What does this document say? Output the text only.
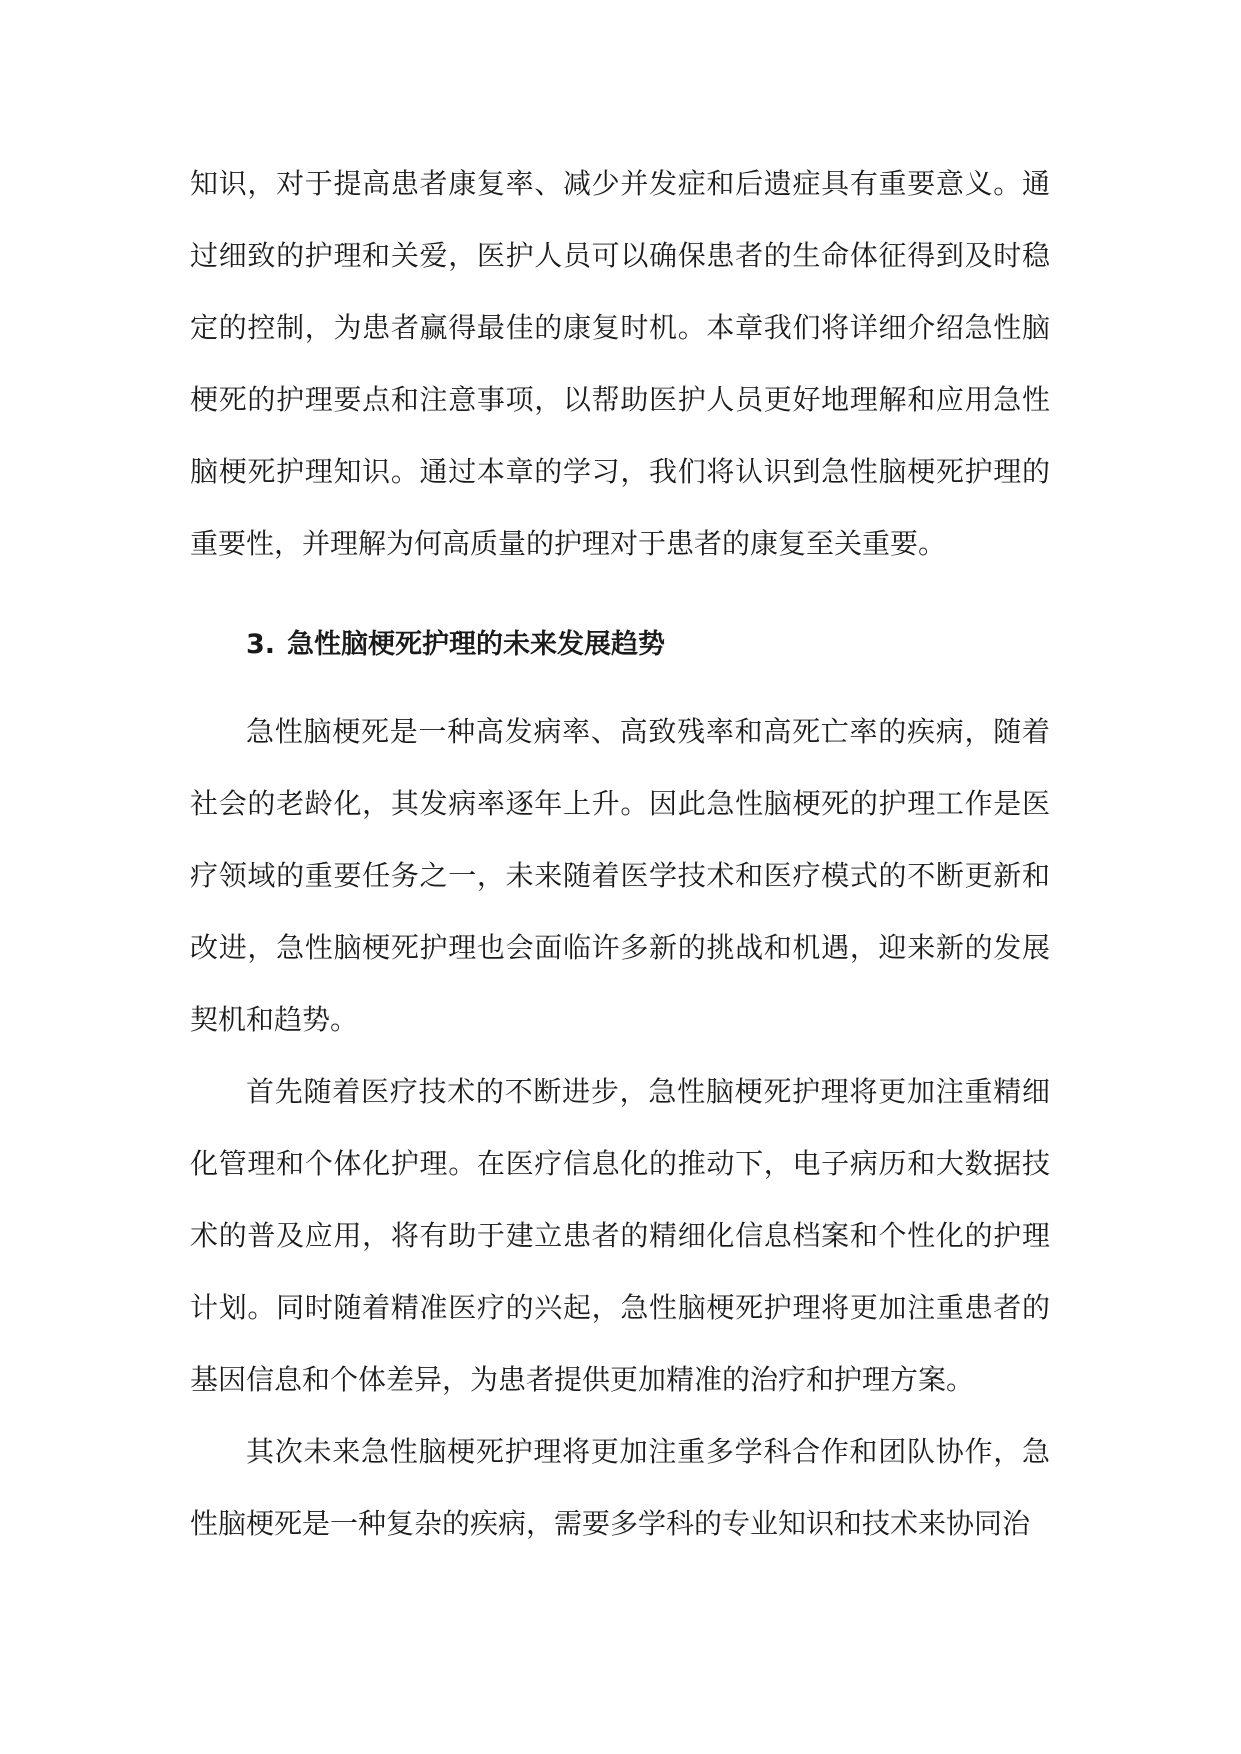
知识，对于提高患者康复率、减少并发症和后遗症具有重要意义。通过细致的护理和关爱，医护人员可以确保患者的生命体征得到及时稳定的控制，为患者赢得最佳的康复时机。本章我们将详细介绍急性脑梗死的护理要点和注意事项，以帮助医护人员更好地理解和应用急性脑梗死护理知识。通过本章的学习，我们将认识到急性脑梗死护理的重要性，并理解为何高质量的护理对于患者的康复至关重要。

3. 急性脑梗死护理的未来发展趋势

急性脑梗死是一种高发病率、高致残率和高死亡率的疾病，随着社会的老龄化，其发病率逐年上升。因此急性脑梗死的护理工作是医疗领域的重要任务之一，未来随着医学技术和医疗模式的不断更新和改进，急性脑梗死护理也会面临许多新的挑战和机遇，迎来新的发展契机和趋势。

首先随着医疗技术的不断进步，急性脑梗死护理将更加注重精细化管理和个体化护理。在医疗信息化的推动下，电子病历和大数据技术的普及应用，将有助于建立患者的精细化信息档案和个性化的护理计划。同时随着精准医疗的兴起，急性脑梗死护理将更加注重患者的基因信息和个体差异，为患者提供更加精准的治疗和护理方案。

其次未来急性脑梗死护理将更加注重多学科合作和团队协作，急性脑梗死是一种复杂的疾病，需要多学科的专业知识和技术来协同治
